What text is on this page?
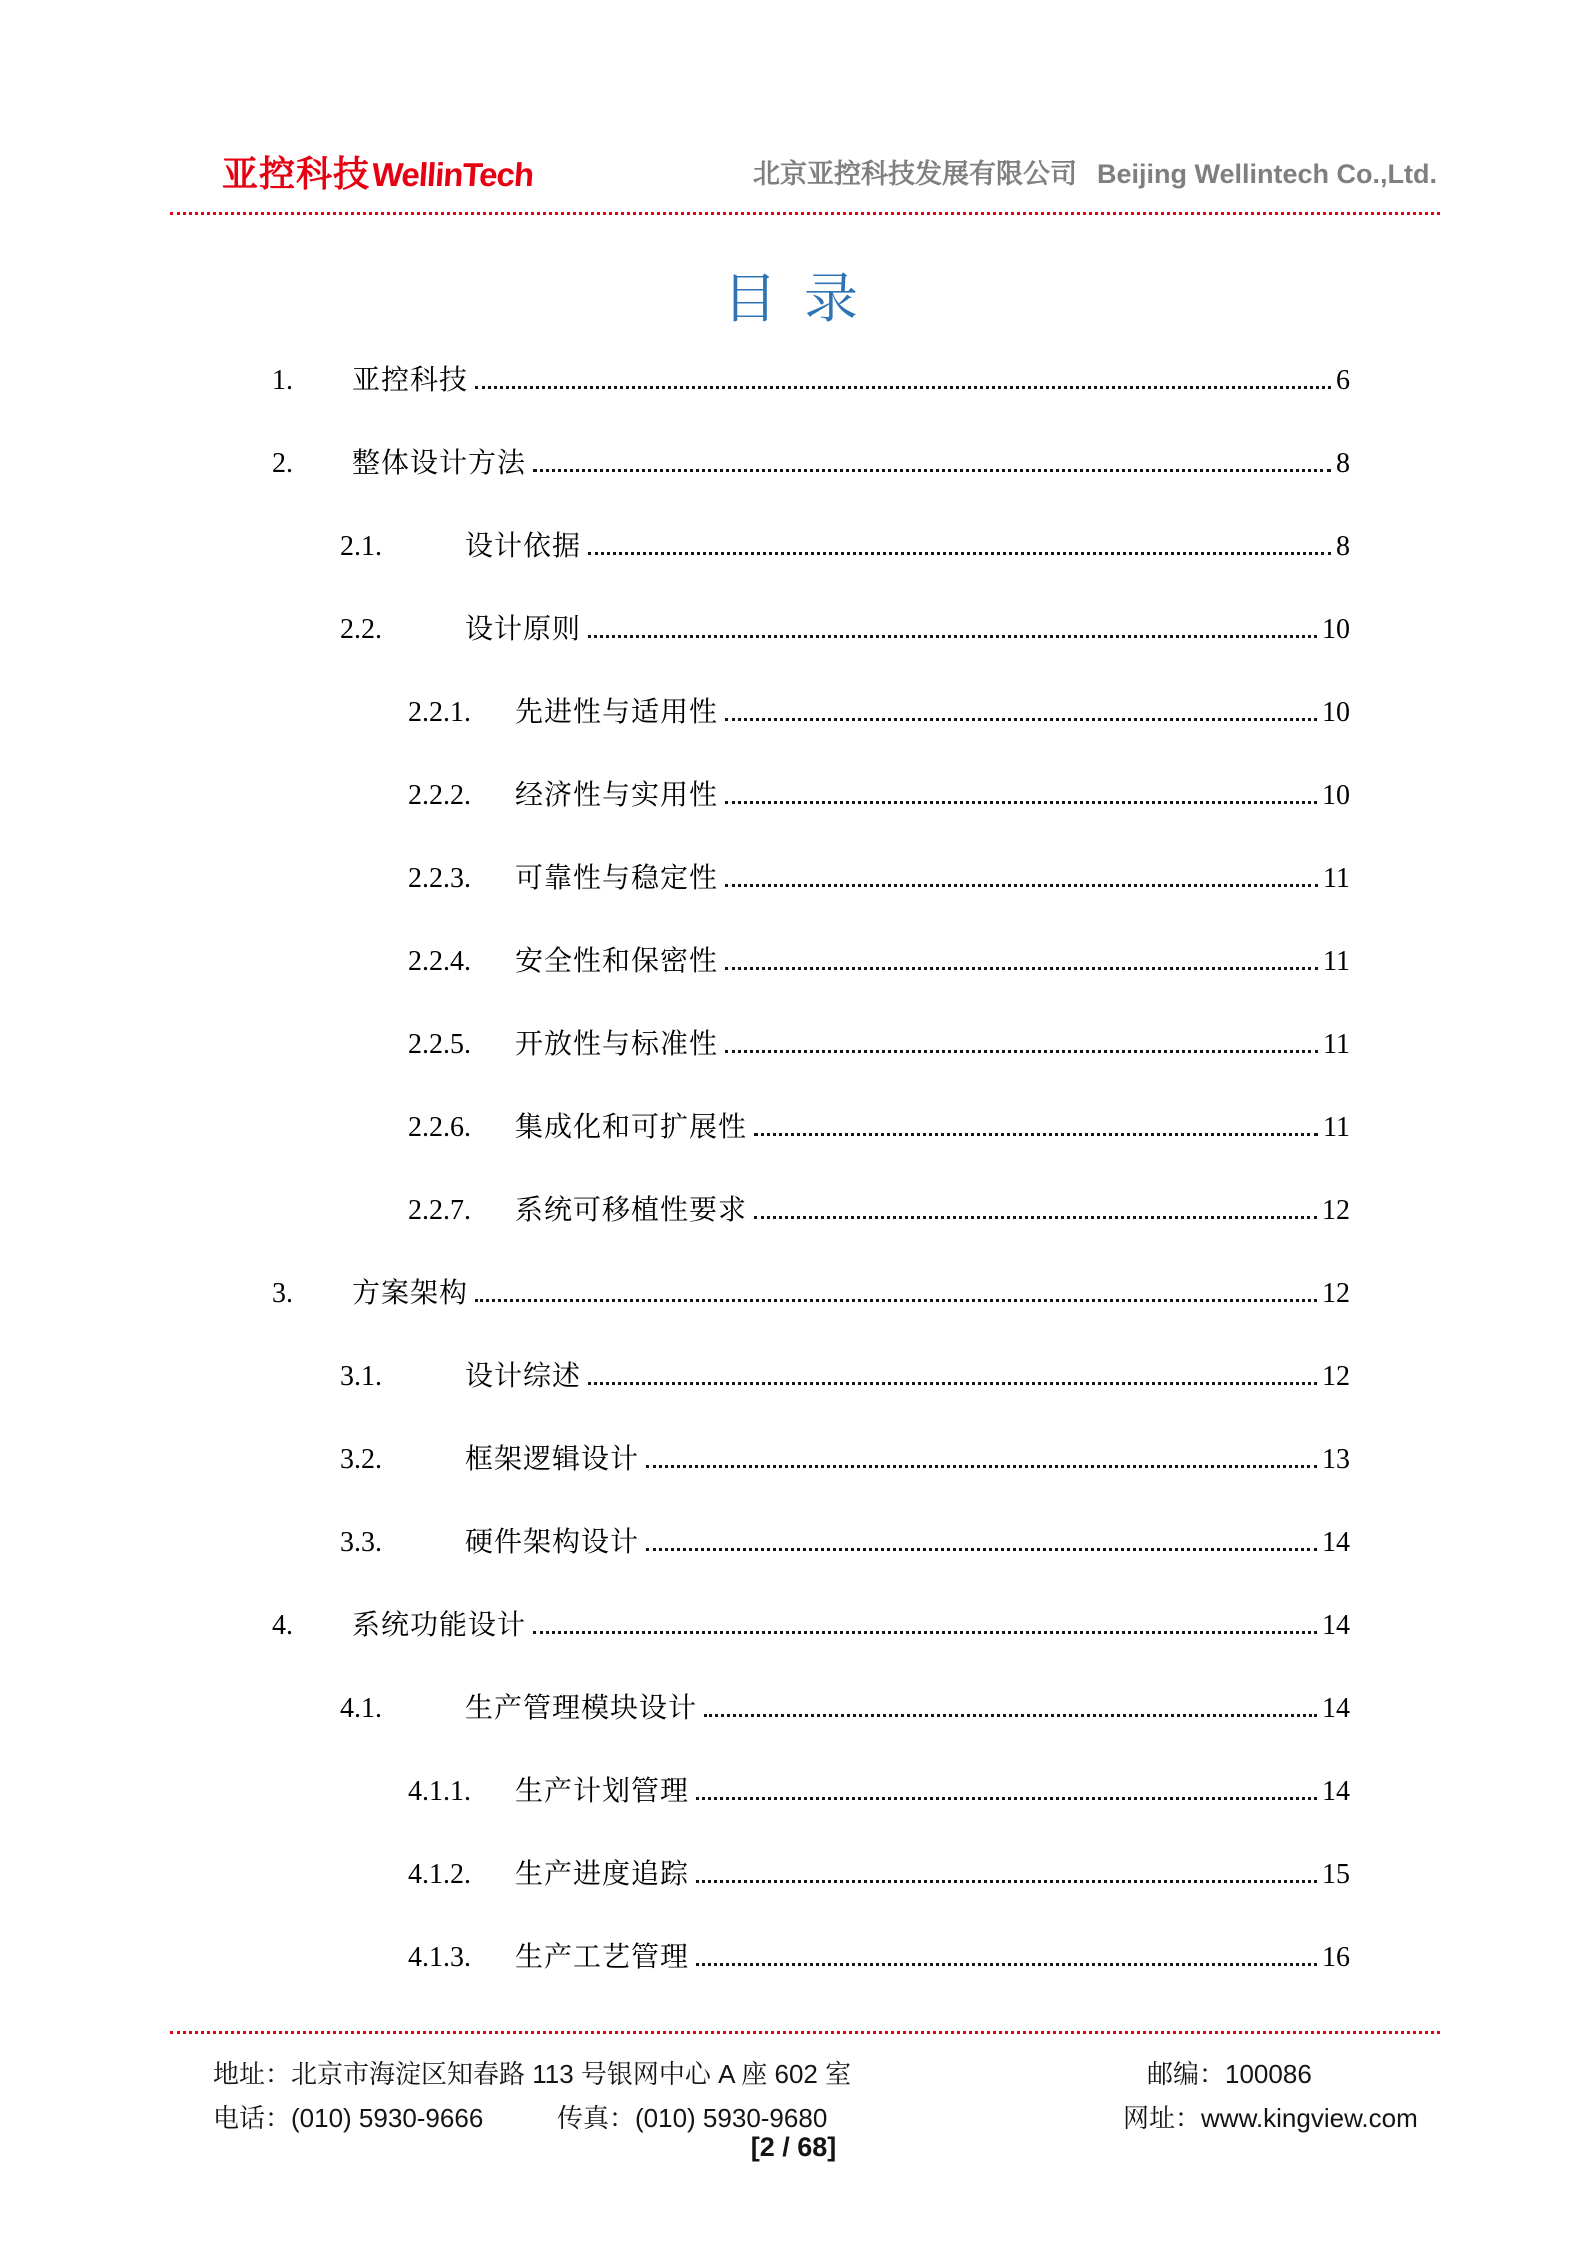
亚控科技 WellinTech	北京亚控科技发展有限公司 Beijing Wellintech Co.,Ltd.
目 录
1.	亚控科技	6
2.	整体设计方法	8
2.1.	设计依据	8
2.2.	设计原则	10
2.2.1.	先进性与适用性	10
2.2.2.	经济性与实用性	10
2.2.3.	可靠性与稳定性	11
2.2.4.	安全性和保密性	11
2.2.5.	开放性与标准性	11
2.2.6.	集成化和可扩展性	11
2.2.7.	系统可移植性要求	12
3.	方案架构	12
3.1.	设计综述	12
3.2.	框架逻辑设计	13
3.3.	硬件架构设计	14
4.	系统功能设计	14
4.1.	生产管理模块设计	14
4.1.1.	生产计划管理	14
4.1.2.	生产进度追踪	15
4.1.3.	生产工艺管理	16
地址：北京市海淀区知春路 113 号银网中心 A 座 602 室	邮编：100086
电话：(010) 5930-9666	传真：(010) 5930-9680	网址：www.kingview.com
[2 / 68]
